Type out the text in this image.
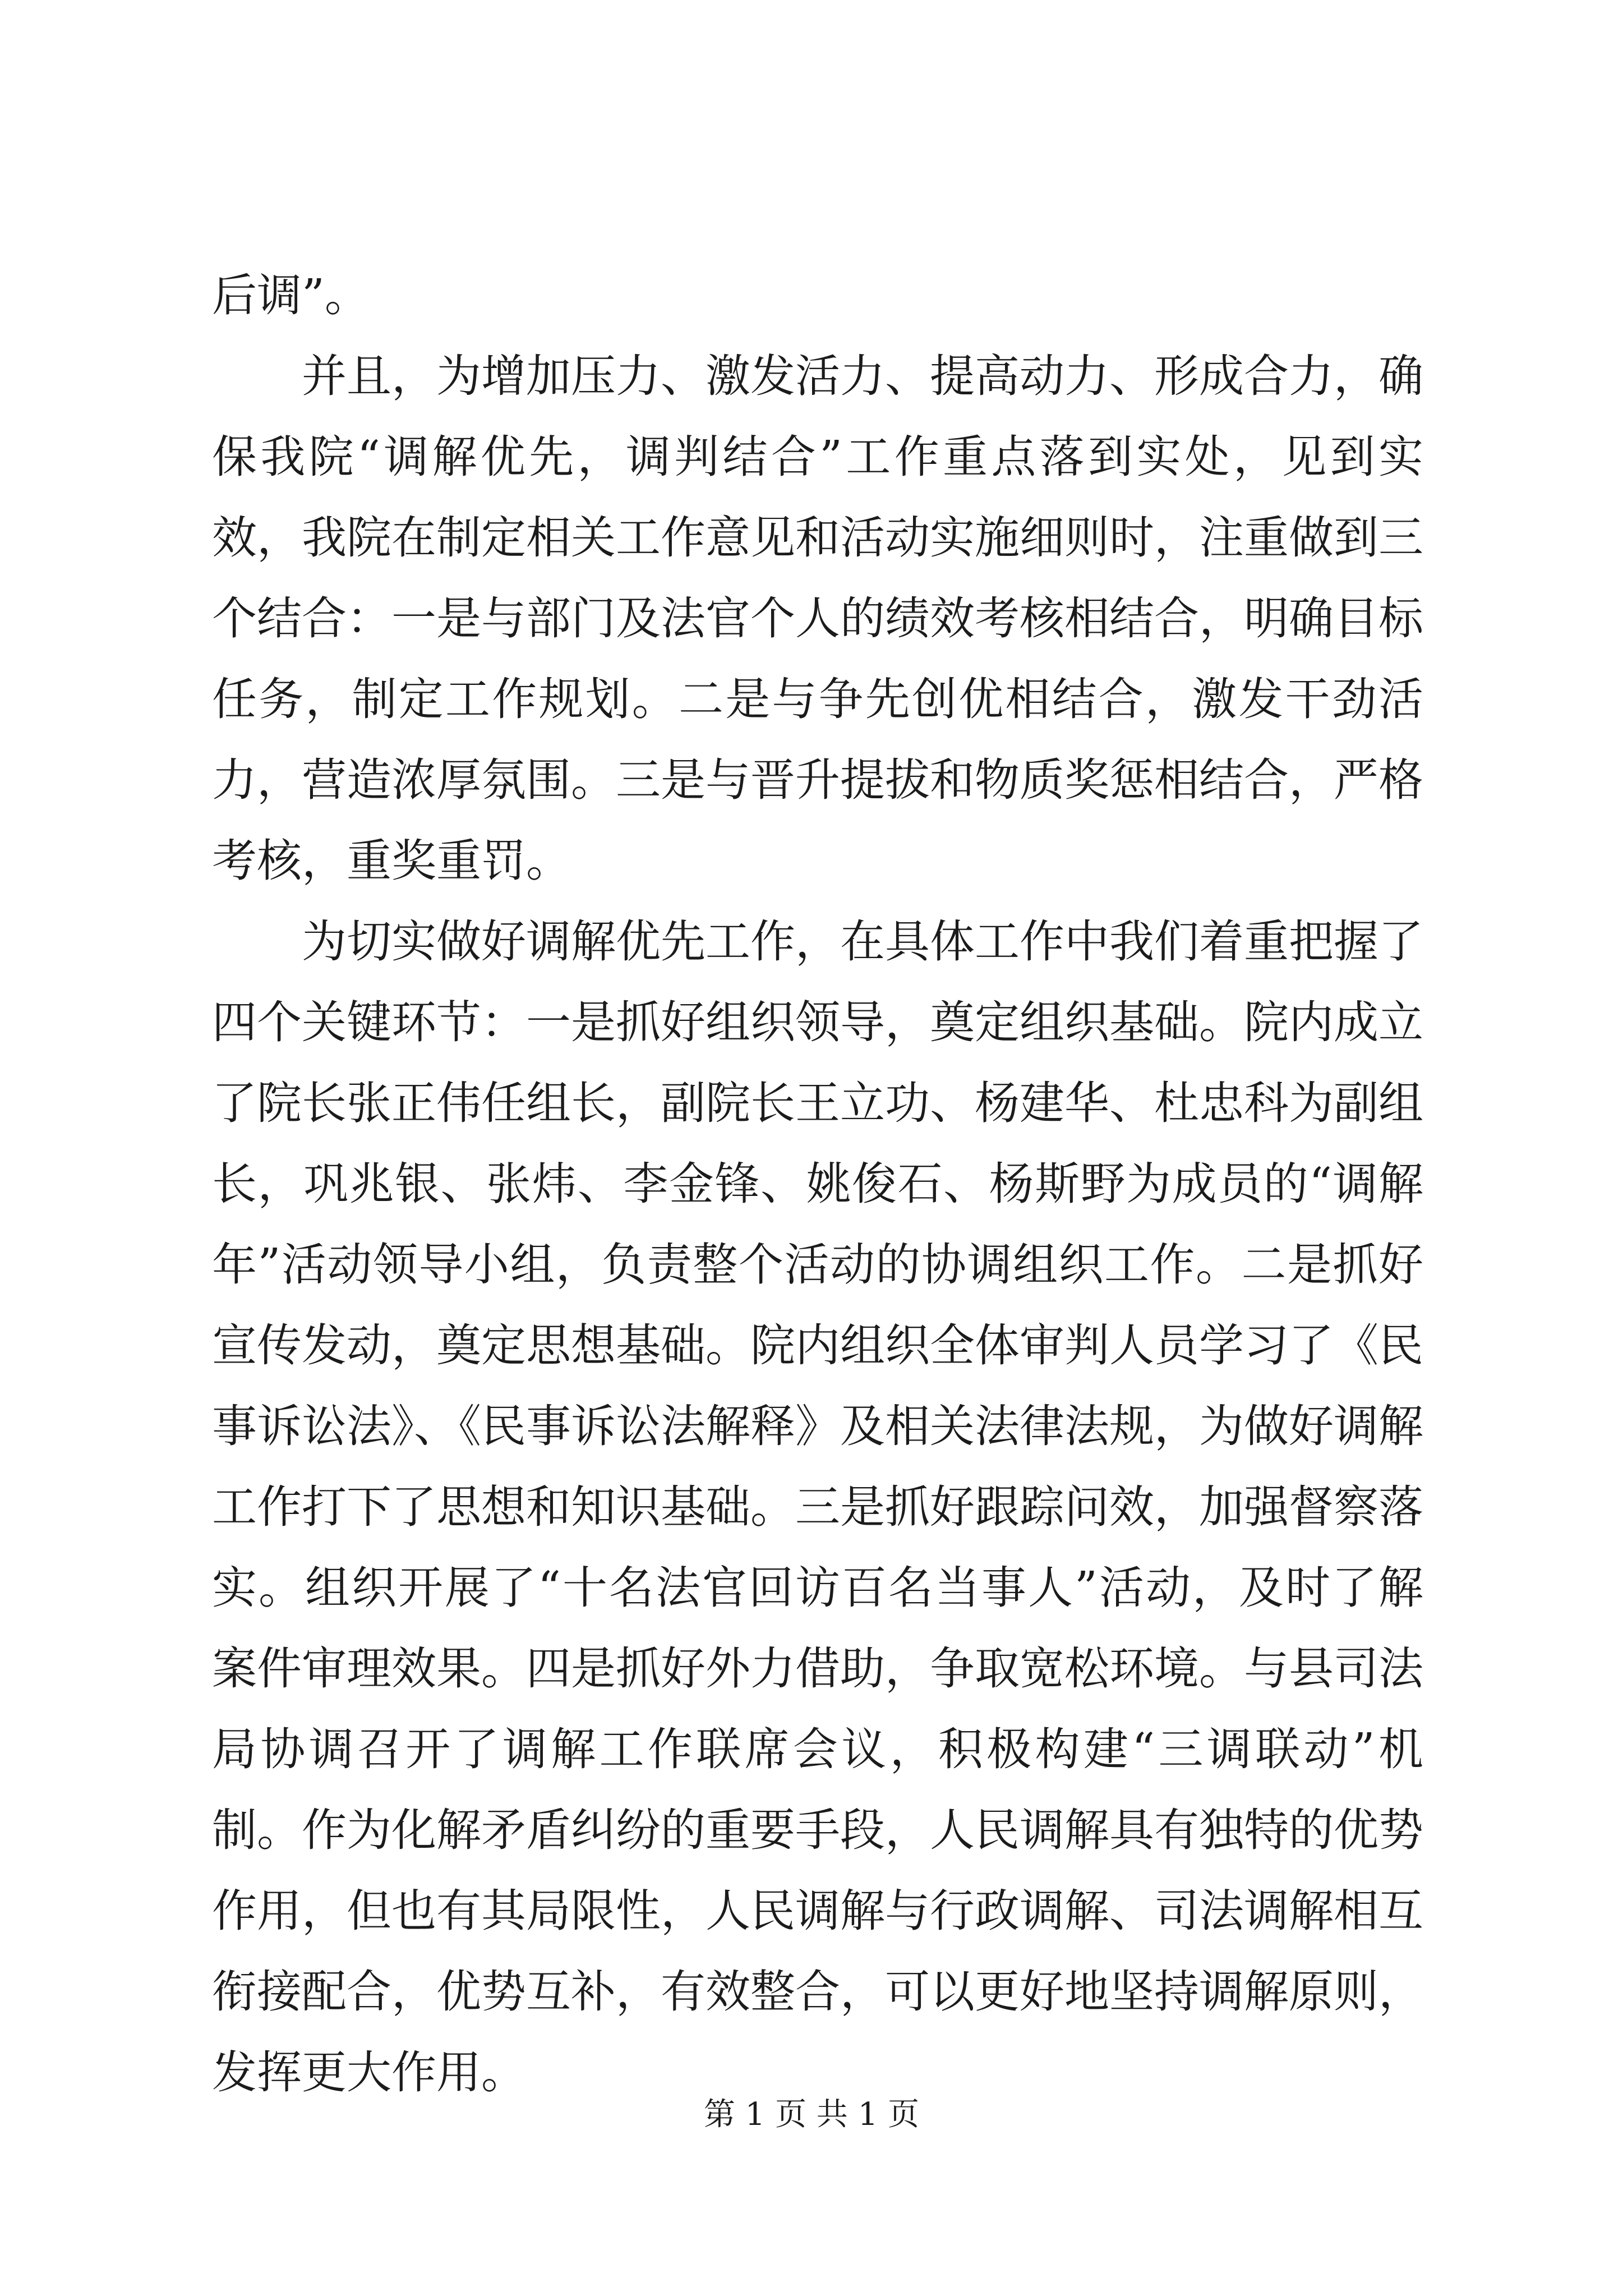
后调”。

并且，为增加压力、激发活力、提高动力、形成合力，确保我院“调解优先，调判结合”工作重点落到实处，见到实效，我院在制定相关工作意见和活动实施细则时，注重做到三个结合：一是与部门及法官个人的绩效考核相结合，明确目标任务，制定工作规划。二是与争先创优相结合，激发干劲活力，营造浓厚氛围。三是与晋升提拔和物质奖惩相结合，严格考核，重奖重罚。

为切实做好调解优先工作，在具体工作中我们着重把握了四个关键环节：一是抓好组织领导，奠定组织基础。院内成立了院长张正伟任组长，副院长王立功、杨建华、杜忠科为副组长，巩兆银、张炜、李金锋、姚俊石、杨斯野为成员的“调解年”活动领导小组，负责整个活动的协调组织工作。二是抓好宣传发动，奠定思想基础。院内组织全体审判人员学习了《民事诉讼法》、《民事诉讼法解释》及相关法律法规，为做好调解工作打下了思想和知识基础。三是抓好跟踪问效，加强督察落实。组织开展了“十名法官回访百名当事人”活动，及时了解案件审理效果。四是抓好外力借助，争取宽松环境。与县司法局协调召开了调解工作联席会议，积极构建“三调联动”机制。作为化解矛盾纠纷的重要手段，人民调解具有独特的优势作用，但也有其局限性，人民调解与行政调解、司法调解相互衔接配合，优势互补，有效整合，可以更好地坚持调解原则，发挥更大作用。

第 1 页 共 1 页
